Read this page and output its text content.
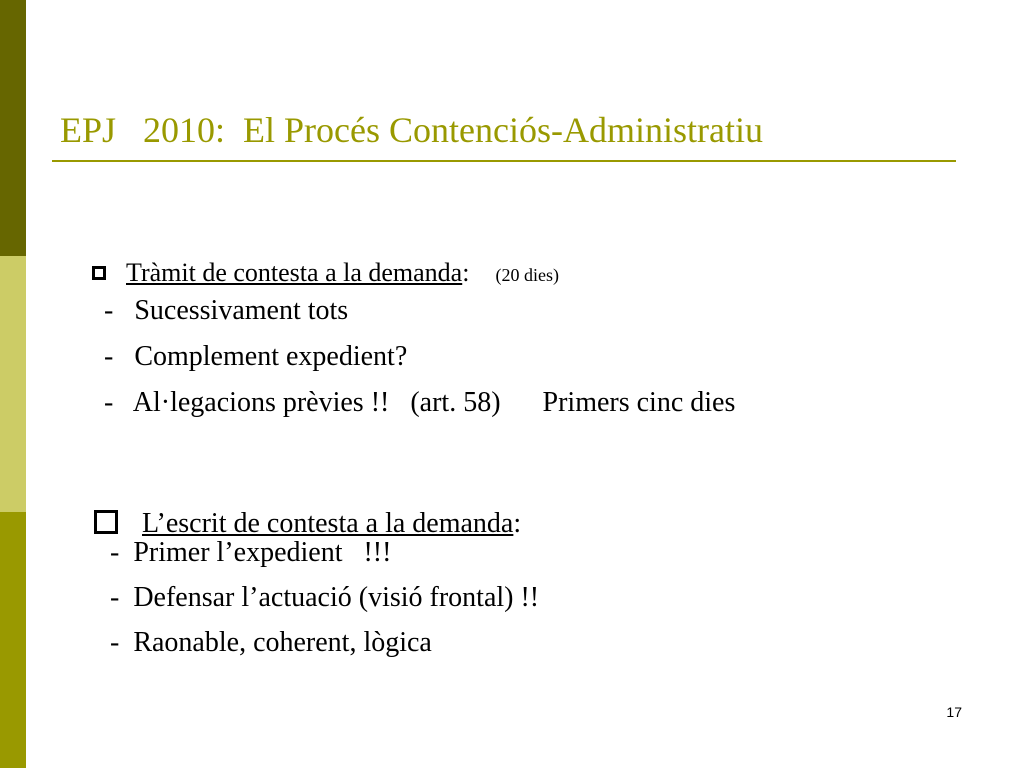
EPJ   2010:  El Procés Contenciós-Administratiu

Tràmit de contesta a la demanda: (20 dies)

-   Sucessivament tots
-   Complement expedient?
-   Al·legacions prèvies !!   (art. 58)      Primers cinc dies

L’escrit de contesta a la demanda:

-  Primer l’expedient   !!!
-  Defensar l’actuació (visió frontal) !!
-  Raonable, coherent, lògica
17
